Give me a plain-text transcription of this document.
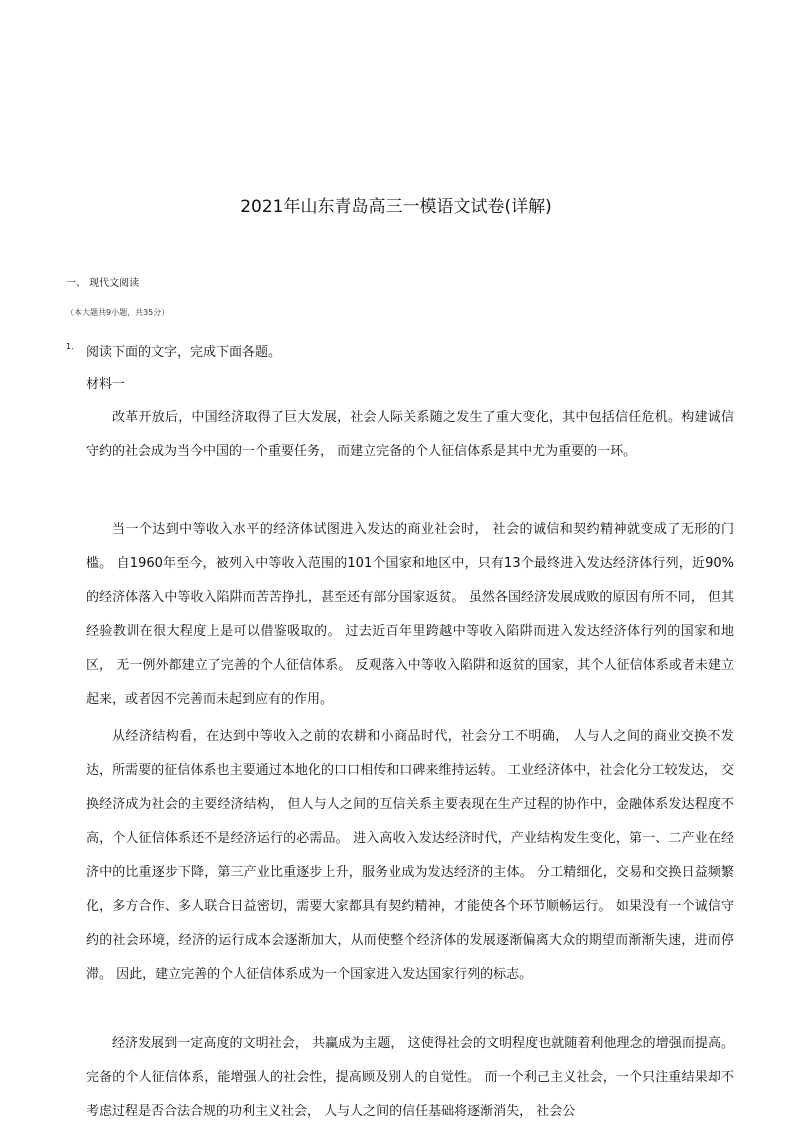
2021年山东青岛高三一模语文试卷(详解)
一、 现代文阅读
（本大题共9小题，共35分）
1. 阅读下面的文字，完成下面各题。
材料一

改革开放后，中国经济取得了巨大发展，社会人际关系随之发生了重大变化，其中包括信任危机。构建诚信守约的社会成为当今中国的一个重要任务， 而建立完备的个人征信体系是其中尤为重要的一环。

当一个达到中等收入水平的经济体试图进入发达的商业社会时， 社会的诚信和契约精神就变成了无形的门槛。 自1960年至今，被列入中等收入范围的101个国家和地区中，只有13个最终进入发达经济体行列，近90%的经济体落入中等收入陷阱而苦苦挣扎，甚至还有部分国家返贫。 虽然各国经济发展成败的原因有所不同， 但其经验教训在很大程度上是可以借鉴吸取的。 过去近百年里跨越中等收入陷阱而进入发达经济体行列的国家和地区， 无一例外都建立了完善的个人征信体系。 反观落入中等收入陷阱和返贫的国家，其个人征信体系或者未建立起来，或者因不完善而未起到应有的作用。

从经济结构看，在达到中等收入之前的农耕和小商品时代，社会分工不明确， 人与人之间的商业交换不发达，所需要的征信体系也主要通过本地化的口口相传和口碑来维持运转。 工业经济体中，社会化分工较发达， 交换经济成为社会的主要经济结构， 但人与人之间的互信关系主要表现在生产过程的协作中，金融体系发达程度不高，个人征信体系还不是经济运行的必需品。 进入高收入发达经济时代，产业结构发生变化，第一、二产业在经济中的比重逐步下降，第三产业比重逐步上升，服务业成为发达经济的主体。 分工精细化，交易和交换日益频繁化，多方合作、多人联合日益密切，需要大家都具有契约精神，才能使各个环节顺畅运行。 如果没有一个诚信守约的社会环境，经济的运行成本会逐渐加大，从而使整个经济体的发展逐渐偏离大众的期望而渐渐失速，进而停滞。 因此，建立完善的个人征信体系成为一个国家进入发达国家行列的标志。

经济发展到一定高度的文明社会， 共赢成为主题， 这使得社会的文明程度也就随着利他理念的增强而提高。 完备的个人征信体系，能增强人的社会性，提高顾及别人的自觉性。 而一个利己主义社会，一个只注重结果却不考虑过程是否合法合规的功利主义社会， 人与人之间的信任基础将逐渐消失， 社会公
